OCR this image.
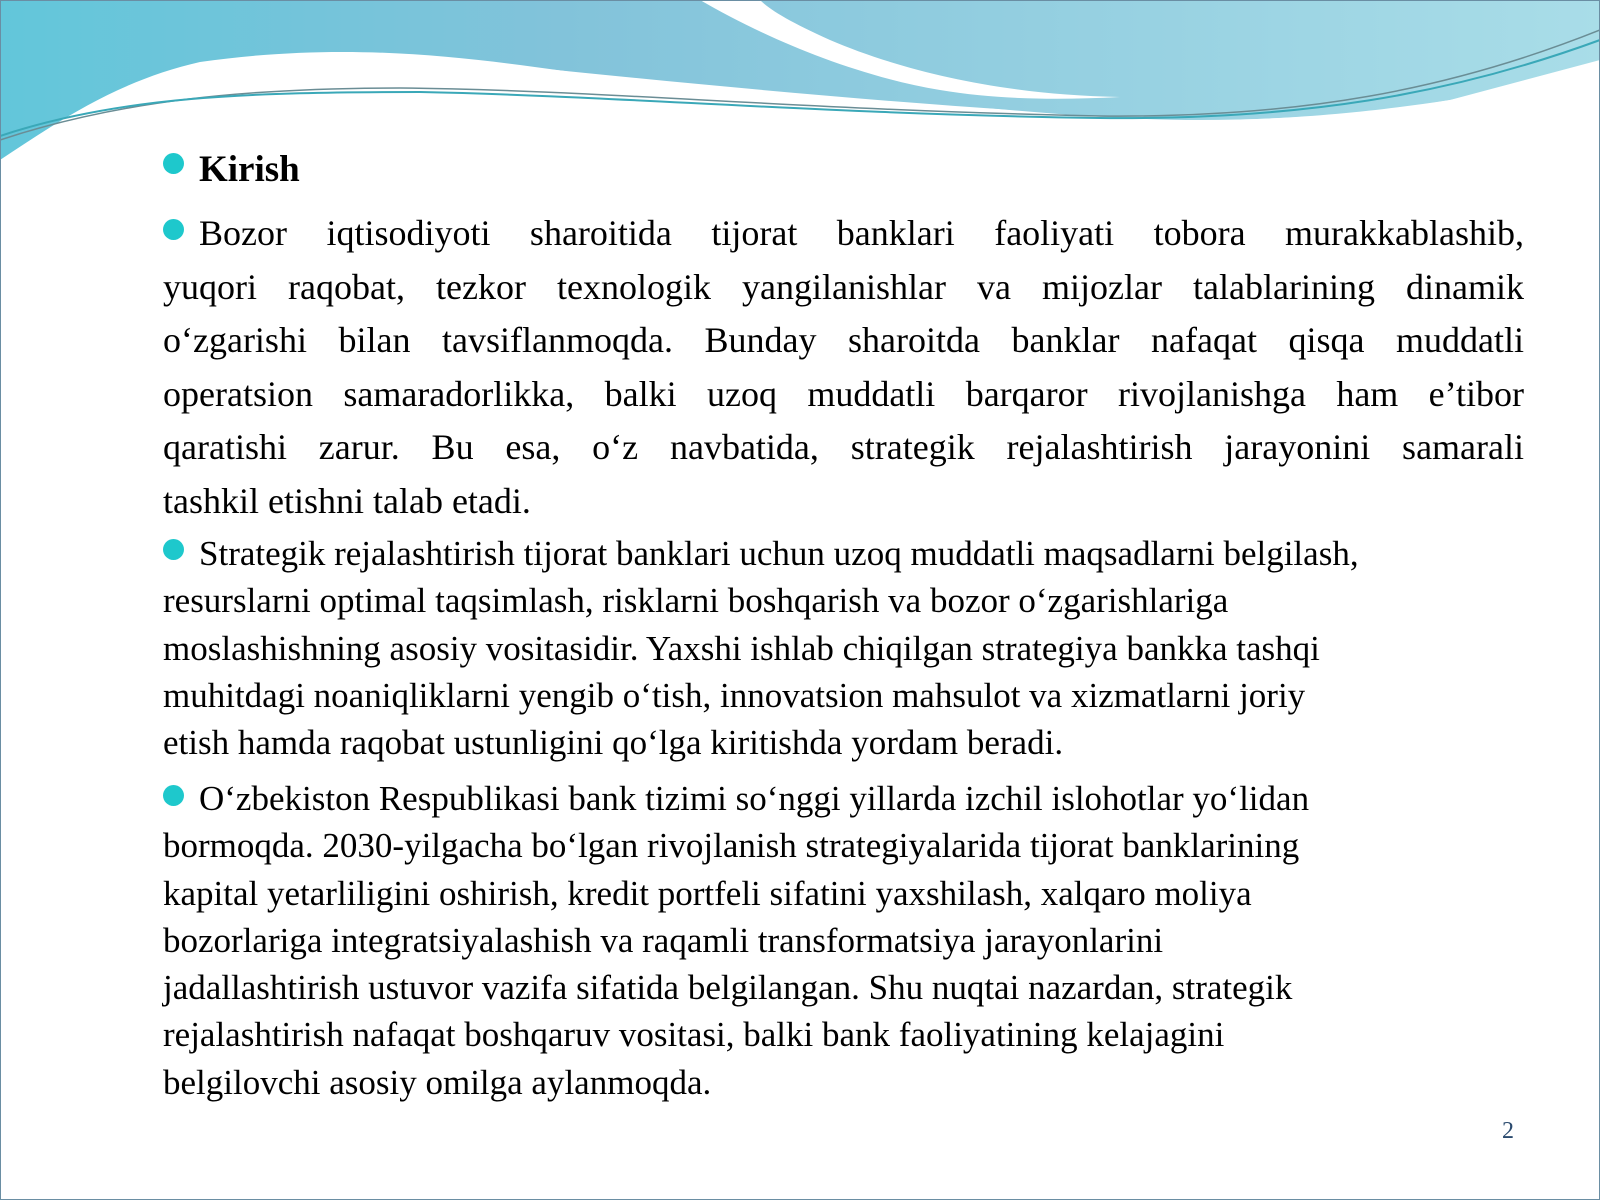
Kirish
Bozor iqtisodiyoti sharoitida tijorat banklari faoliyati tobora murakkablashib,
yuqori raqobat, tezkor texnologik yangilanishlar va mijozlar talablarining dinamik
o‘zgarishi bilan tavsiflanmoqda. Bunday sharoitda banklar nafaqat qisqa muddatli
operatsion samaradorlikka, balki uzoq muddatli barqaror rivojlanishga ham e’tibor
qaratishi zarur. Bu esa, o‘z navbatida, strategik rejalashtirish jarayonini samarali
tashkil etishni talab etadi.
Strategik rejalashtirish tijorat banklari uchun uzoq muddatli maqsadlarni belgilash,
resurslarni optimal taqsimlash, risklarni boshqarish va bozor o‘zgarishlariga
moslashishning asosiy vositasidir. Yaxshi ishlab chiqilgan strategiya bankka tashqi
muhitdagi noaniqliklarni yengib o‘tish, innovatsion mahsulot va xizmatlarni joriy
etish hamda raqobat ustunligini qo‘lga kiritishda yordam beradi.
O‘zbekiston Respublikasi bank tizimi so‘nggi yillarda izchil islohotlar yo‘lidan
bormoqda. 2030-yilgacha bo‘lgan rivojlanish strategiyalarida tijorat banklarining
kapital yetarliligini oshirish, kredit portfeli sifatini yaxshilash, xalqaro moliya
bozorlariga integratsiyalashish va raqamli transformatsiya jarayonlarini
jadallashtirish ustuvor vazifa sifatida belgilangan. Shu nuqtai nazardan, strategik
rejalashtirish nafaqat boshqaruv vositasi, balki bank faoliyatining kelajagini
belgilovchi asosiy omilga aylanmoqda.
2
